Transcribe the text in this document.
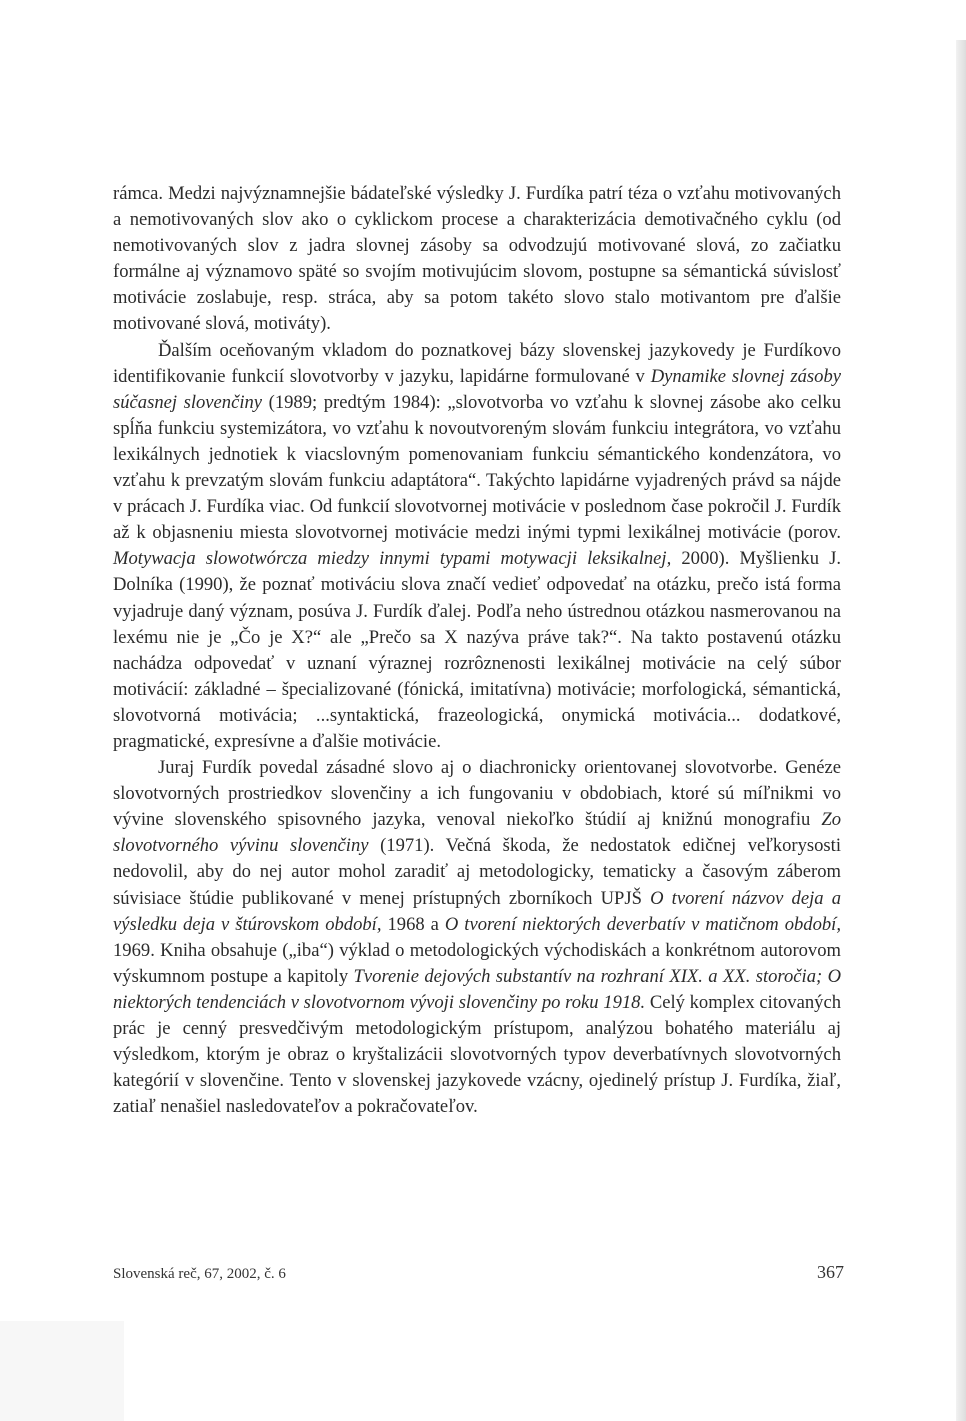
rámca. Medzi najvýznamnejšie bádateľské výsledky J. Furdíka patrí téza o vzťahu motivovaných a nemotivovaných slov ako o cyklickom procese a charakterizácia demotivačného cyklu (od nemotivovaných slov z jadra slovnej zásoby sa odvodzujú motivované slová, zo začiatku formálne aj významovo späté so svojím motivujúcim slovom, postupne sa sémantická súvislosť motivácie zoslabuje, resp. stráca, aby sa potom takéto slovo stalo motivantom pre ďalšie motivované slová, motiváty).

Ďalším oceňovaným vkladom do poznatkovej bázy slovenskej jazykovedy je Furdíkovo identifikovanie funkcií slovotvorby v jazyku, lapidárne formulované v Dynamike slovnej zásoby súčasnej slovenčiny (1989; predtým 1984): „slovotvorba vo vzťahu k slovnej zásobe ako celku spĺňa funkciu systemizátora, vo vzťahu k novoutvoreným slovám funkciu integrátora, vo vzťahu lexikálnych jednotiek k viacslovným pomenovaniam funkciu sémantického kondenzátora, vo vzťahu k prevzatým slovám funkciu adaptátora“. Takýchto lapidárne vyjadrených právd sa nájde v prácach J. Furdíka viac. Od funkcií slovotvornej motivácie v poslednom čase pokročil J. Furdík až k objasneniu miesta slovotvornej motivácie medzi inými typmi lexikálnej motivácie (porov. Motywacja slowotwórcza miedzy innymi typami motywacji leksikalnej, 2000). Myšlienku J. Dolníka (1990), že poznať motiváciu slova značí vedieť odpovedať na otázku, prečo istá forma vyjadruje daný význam, posúva J. Furdík ďalej. Podľa neho ústrednou otázkou nasmerovanou na lexému nie je „Čo je X?“ ale „Prečo sa X nazýva práve tak?“. Na takto postavenú otázku nachádza odpovedať v uznaní výraznej rozrôznenosti lexikálnej motivácie na celý súbor motivácií: základné – špecializované (fónická, imitatívna) motivácie; morfologická, sémantická, slovotvorná motivácia; ...syntaktická, frazeologická, onymická motivácia... dodatkové, pragmatické, expresívne a ďalšie motivácie.

Juraj Furdík povedal zásadné slovo aj o diachronicky orientovanej slovotvorbe. Genéze slovotvorných prostriedkov slovenčiny a ich fungovaniu v obdobiach, ktoré sú míľnikmi vo vývine slovenského spisovného jazyka, venoval niekoľko štúdií aj knižnú monografiu Zo slovotvorného vývinu slovenčiny (1971). Večná škoda, že nedostatok edičnej veľkorysosti nedovolil, aby do nej autor mohol zaradiť aj metodologicky, tematicky a časovým záberom súvisiace štúdie publikované v menej prístupných zborníkoch UPJŠ O tvorení názvov deja a výsledku deja v štúrovskom období, 1968 a O tvorení niektorých deverbatív v matičnom období, 1969. Kniha obsahuje („iba“) výklad o metodologických východiskách a konkrétnom autorovom výskumnom postupe a kapitoly Tvorenie dejových substantív na rozhraní XIX. a XX. storočia; O niektorých tendenciách v slovotvornom vývoji slovenčiny po roku 1918. Celý komplex citovaných prác je cenný presvedčivým metodologickým prístupom, analýzou bohatého materiálu aj výsledkom, ktorým je obraz o kryštalizácii slovotvorných typov deverbatívnych slovotvorných kategórií v slovenčine. Tento v slovenskej jazykovede vzácny, ojedinelý prístup J. Furdíka, žiaľ, zatiaľ nenašiel nasledovateľov a pokračovateľov.

Slovenská reč, 67, 2002, č. 6	367
